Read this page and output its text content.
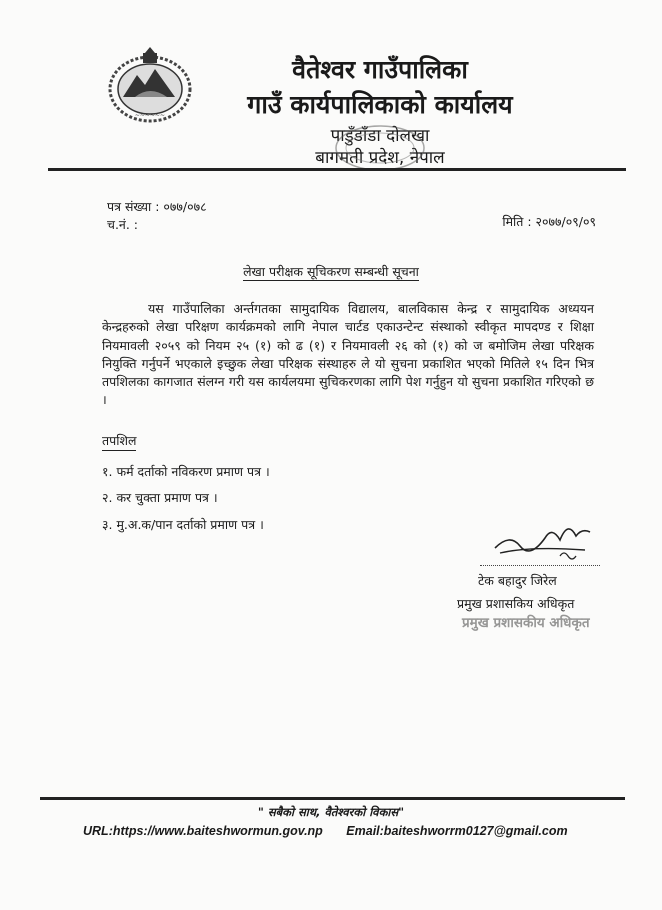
~~~~~~
वैतेश्वर गाउँपालिका
गाउँ कार्यपालिकाको कार्यालय
पाडुँडाँडा दोलखा
बागमती प्रदेश, नेपाल
पत्र संख्या : ०७७/०७८
च.नं. :	मिति : २०७७/०९/०९
लेखा परीक्षक सूचिकरण सम्बन्धी सूचना
यस गाउँपालिका अर्न्तगतका सामुदायिक विद्यालय, बालविकास केन्द्र र सामुदायिक अध्ययन केन्द्रहरुको लेखा परिक्षण कार्यक्रमको लागि नेपाल चार्टड एकाउन्टेन्ट संस्थाको स्वीकृत मापदण्ड र शिक्षा नियमावली २०५९ को नियम २५ (१) को ढ (१) र नियमावली २६ को (१) को ज बमोजिम लेखा परिक्षक नियुक्ति गर्नुपर्ने भएकाले इच्छुक लेखा परिक्षक संस्थाहरु ले यो सुचना प्रकाशित भएको मितिले १५ दिन भित्र तपशिलका कागजात संलग्न गरी यस कार्यलयमा सुचिकरणका लागि पेश गर्नुहुन यो सुचना प्रकाशित गरिएको छ ।
तपशिल
१. फर्म दर्ताको नविकरण प्रमाण पत्र ।
२. कर चुक्ता प्रमाण पत्र ।
३. मु.अ.क/पान दर्ताको प्रमाण पत्र ।
टेक बहादुर जिरेल
प्रमुख प्रशासकिय अधिकृत
प्रमुख प्रशासकीय अधिकृत
" सबैको साथ, वैतेश्वरको विकास"
URL:https://www.baiteshwormun.gov.np Email:baiteshworrm0127@gmail.com
